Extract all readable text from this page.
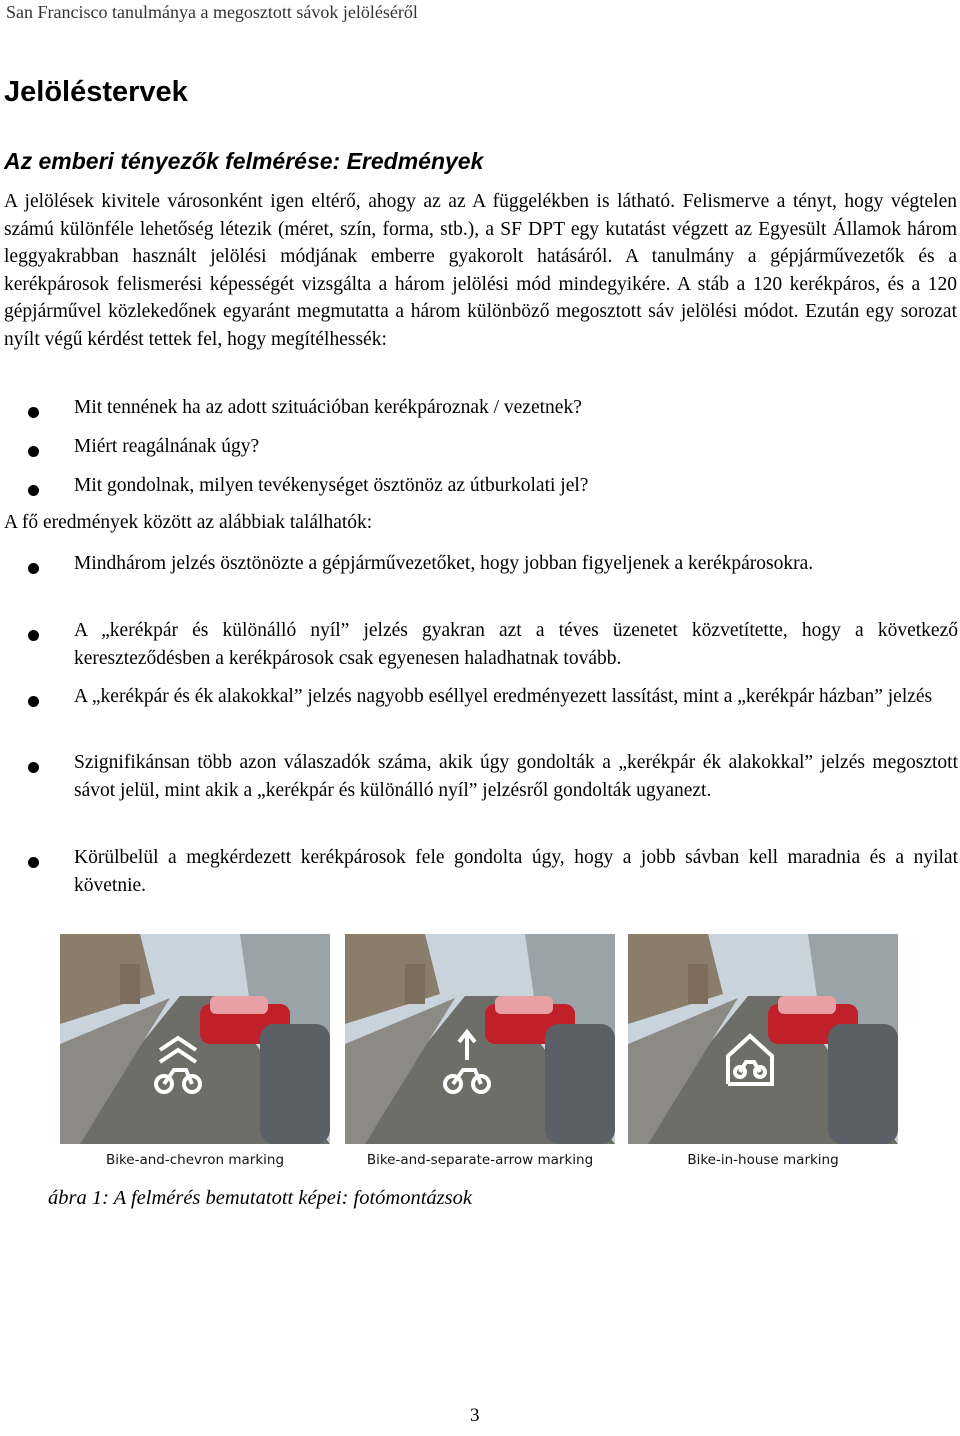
San Francisco tanulmánya a megosztott sávok jelöléséről
Jelöléstervek
Az emberi tényezők felmérése: Eredmények

A jelölések kivitele városonként igen eltérő, ahogy az az A függelékben is látható. Felismerve a tényt, hogy végtelen számú különféle lehetőség létezik (méret, szín, forma, stb.), a SF DPT egy kutatást végzett az Egyesült Államok három leggyakrabban használt jelölési módjának emberre gyakorolt hatásáról. A tanulmány a gépjárművezetők és a kerékpárosok felismerési képességét vizsgálta a három jelölési mód mindegyikére. A stáb a 120 kerékpáros, és a 120 gépjárművel közlekedőnek egyaránt megmutatta a három különböző megosztott sáv jelölési módot. Ezután egy sorozat nyílt végű kérdést tettek fel, hogy megítélhessék:

Mit tennének ha az adott szituációban kerékpároznak / vezetnek?
Miért reagálnának úgy?
Mit gondolnak, milyen tevékenységet ösztönöz az útburkolati jel?

A fő eredmények között az alábbiak találhatók:

Mindhárom jelzés ösztönözte a gépjárművezetőket, hogy jobban figyeljenek a kerékpárosokra.
A „kerékpár és különálló nyíl” jelzés gyakran azt a téves üzenetet közvetítette, hogy a következő kereszteződésben a kerékpárosok csak egyenesen haladhatnak tovább.
A „kerékpár és ék alakokkal” jelzés nagyobb eséllyel eredményezett lassítást, mint a „kerékpár házban” jelzés
Szignifikánsan több azon válaszadók száma, akik úgy gondolták a „kerékpár ék alakokkal” jelzés megosztott sávot jelül, mint akik a „kerékpár és különálló nyíl” jelzésről gondolták ugyanezt.
Körülbelül a megkérdezett kerékpárosok fele gondolta úgy, hogy a jobb sávban kell maradnia és a nyilat követnie.
Bike-and-chevron marking	Bike-and-separate-arrow marking	Bike-in-house marking

ábra 1: A felmérés bemutatott képei: fotómontázsok

3
